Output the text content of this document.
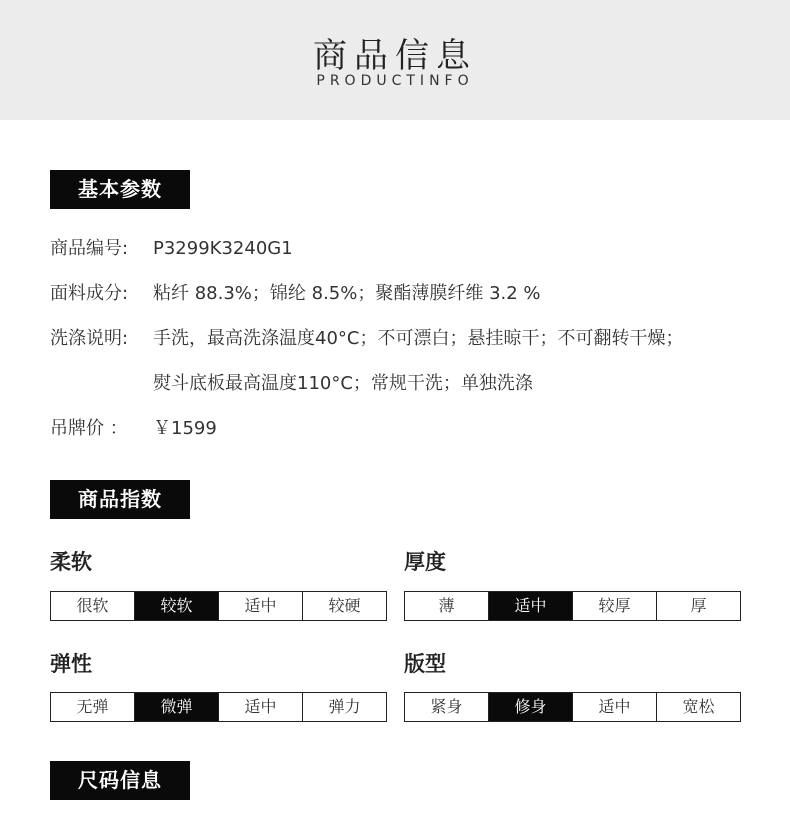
商品信息
PRODUCTINFO
基本参数
商品编号: P3299K3240G1
面料成分: 粘纤 88.3%；锦纶 8.5%；聚酯薄膜纤维 3.2 %
洗涤说明: 手洗，最高洗涤温度40°C；不可漂白；悬挂晾干；不可翻转干燥；
熨斗底板最高温度110°C；常规干洗；单独洗涤
吊牌价 ： ￥1599
商品指数
柔软
很软	较软	适中	较硬
厚度
薄	适中	较厚	厚
弹性
无弹	微弹	适中	弹力
版型
紧身	修身	适中	宽松
尺码信息
